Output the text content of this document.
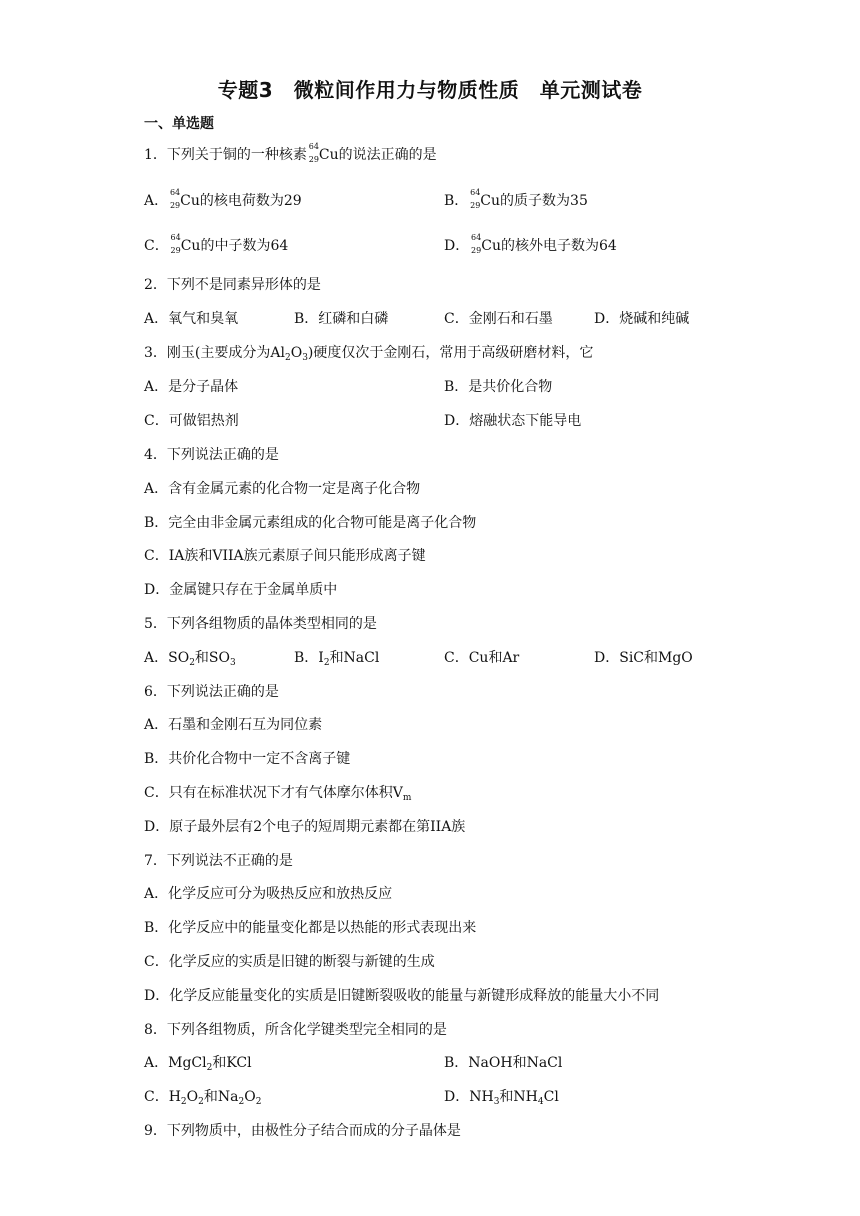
专题3　微粒间作用力与物质性质　单元测试卷
一、单选题
1．下列关于铜的一种核素
64
29 Cu的说法正确的是
A．
64
29 Cu的核电荷数为29	B．
64
29 Cu的质子数为35
C．
64
29 Cu的中子数为64	D．
64
29 Cu的核外电子数为64
2．下列不是同素异形体的是
A．氧气和臭氧	B．红磷和白磷	C．金刚石和石墨	D．烧碱和纯碱
3．刚玉(主要成分为$Al_2O_3$)硬度仅次于金刚石，常用于高级研磨材料，它
A．是分子晶体	B．是共价化合物
C．可做铝热剂	D．熔融状态下能导电
4．下列说法正确的是
A．含有金属元素的化合物一定是离子化合物
B．完全由非金属元素组成的化合物可能是离子化合物
C．IA族和VIIA族元素原子间只能形成离子键
D．金属键只存在于金属单质中
5．下列各组物质的晶体类型相同的是
A．$SO_2$和$SO_3$	B．$I_2$和NaCl	C．Cu和Ar	D．SiC和MgO
6．下列说法正确的是
A．石墨和金刚石互为同位素
B．共价化合物中一定不含离子键
C．只有在标准状况下才有气体摩尔体积$V_m$
D．原子最外层有2个电子的短周期元素都在第IIA族
7．下列说法不正确的是
A．化学反应可分为吸热反应和放热反应
B．化学反应中的能量变化都是以热能的形式表现出来
C．化学反应的实质是旧键的断裂与新键的生成
D．化学反应能量变化的实质是旧键断裂吸收的能量与新键形成释放的能量大小不同
8．下列各组物质，所含化学键类型完全相同的是
A．MgCl$_2$和KCl	B．NaOH和NaCl
C．$H_2O_2$和$Na_2O_2$	D．$NH_3$和$NH_4Cl$
9．下列物质中，由极性分子结合而成的分子晶体是
